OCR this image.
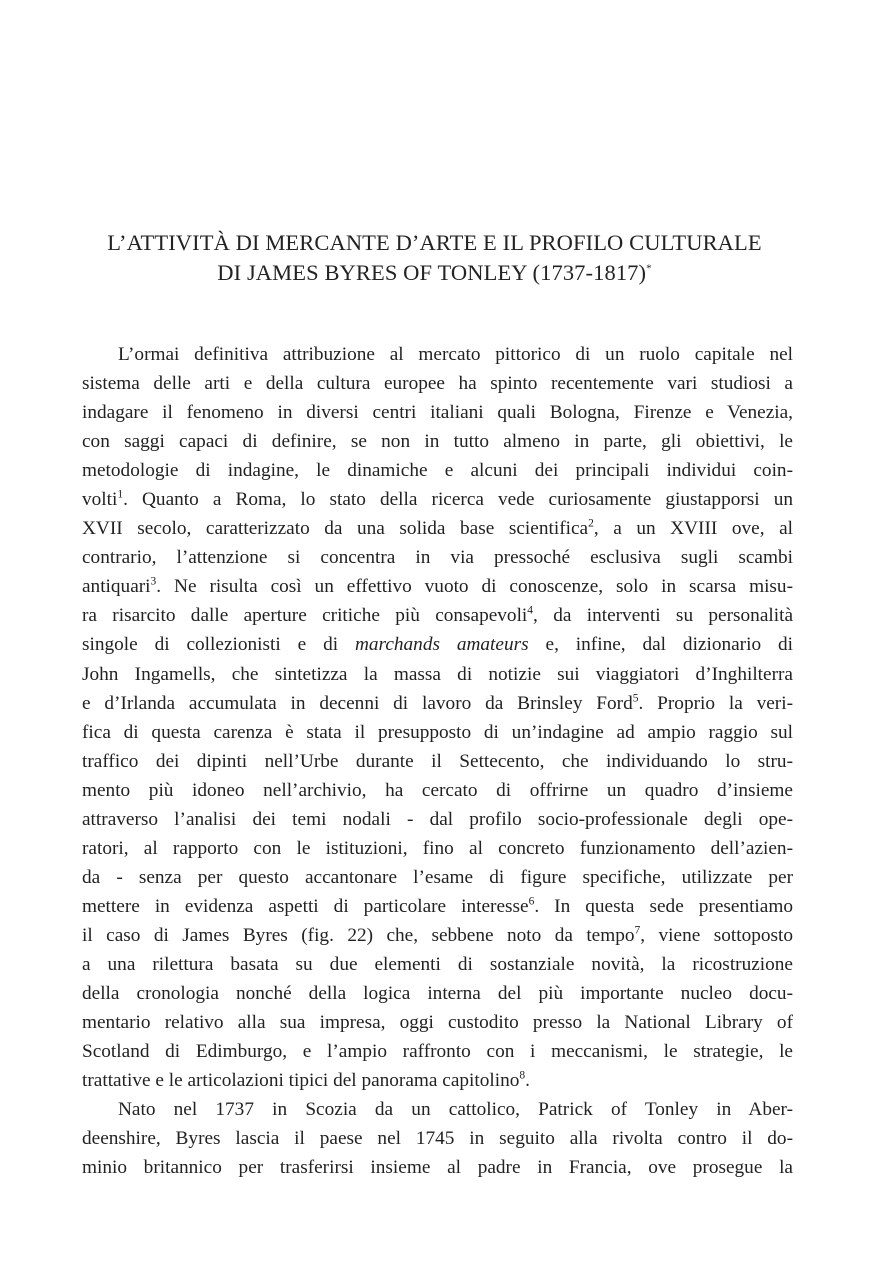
L’ATTIVITÀ DI MERCANTE D’ARTE E IL PROFILO CULTURALE
DI JAMES BYRES OF TONLEY (1737-1817)*
L’ormai definitiva attribuzione al mercato pittorico di un ruolo capitale nel
sistema delle arti e della cultura europee ha spinto recentemente vari studiosi a
indagare il fenomeno in diversi centri italiani quali Bologna, Firenze e Venezia,
con saggi capaci di definire, se non in tutto almeno in parte, gli obiettivi, le
metodologie di indagine, le dinamiche e alcuni dei principali individui coin-
volti$^1$. Quanto a Roma, lo stato della ricerca vede curiosamente giustapporsi un
XVII secolo, caratterizzato da una solida base scientifica$^2$, a un XVIII ove, al
contrario, l’attenzione si concentra in via pressoché esclusiva sugli scambi
antiquari$^3$. Ne risulta così un effettivo vuoto di conoscenze, solo in scarsa misu-
ra risarcito dalle aperture critiche più consapevoli$^4$, da interventi su personalità
singole di collezionisti e di marchands amateurs e, infine, dal dizionario di
John Ingamells, che sintetizza la massa di notizie sui viaggiatori d’Inghilterra
e d’Irlanda accumulata in decenni di lavoro da Brinsley Ford$^5$. Proprio la veri-
fica di questa carenza è stata il presupposto di un’indagine ad ampio raggio sul
traffico dei dipinti nell’Urbe durante il Settecento, che individuando lo stru-
mento più idoneo nell’archivio, ha cercato di offrirne un quadro d’insieme
attraverso l’analisi dei temi nodali - dal profilo socio-professionale degli ope-
ratori, al rapporto con le istituzioni, fino al concreto funzionamento dell’azien-
da - senza per questo accantonare l’esame di figure specifiche, utilizzate per
mettere in evidenza aspetti di particolare interesse$^6$. In questa sede presentiamo
il caso di James Byres (fig. 22) che, sebbene noto da tempo$^7$, viene sottoposto
a una rilettura basata su due elementi di sostanziale novità, la ricostruzione
della cronologia nonché della logica interna del più importante nucleo docu-
mentario relativo alla sua impresa, oggi custodito presso la National Library of
Scotland di Edimburgo, e l’ampio raffronto con i meccanismi, le strategie, le
trattative e le articolazioni tipici del panorama capitolino$^8$.
Nato nel 1737 in Scozia da un cattolico, Patrick of Tonley in Aber-
deenshire, Byres lascia il paese nel 1745 in seguito alla rivolta contro il do-
minio britannico per trasferirsi insieme al padre in Francia, ove prosegue la
